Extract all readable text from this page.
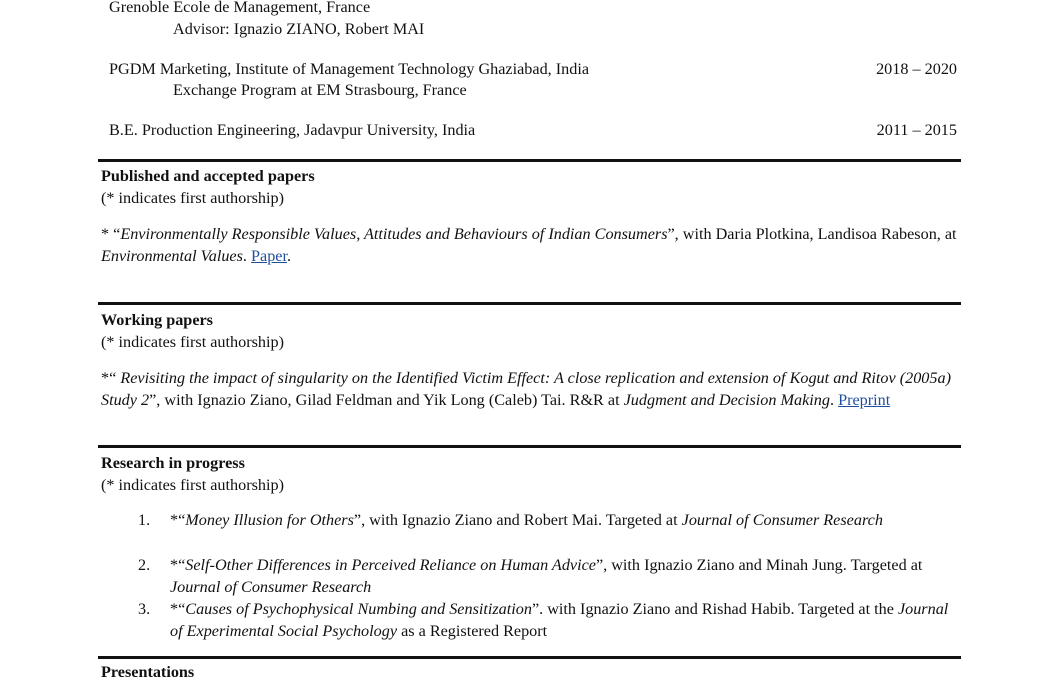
Grenoble Ecole de Management, France
Advisor: Ignazio ZIANO, Robert MAI
PGDM Marketing, Institute of Management Technology Ghaziabad, India	2018 – 2020
Exchange Program at EM Strasbourg, France
B.E. Production Engineering, Jadavpur University, India	2011 – 2015
Published and accepted papers
(* indicates first authorship)
* “Environmentally Responsible Values, Attitudes and Behaviours of Indian Consumers”, with Daria Plotkina, Landisoa Rabeson, at Environmental Values. Paper.
Working papers
(* indicates first authorship)
*“ Revisiting the impact of singularity on the Identified Victim Effect: A close replication and extension of Kogut and Ritov (2005a) Study 2”, with Ignazio Ziano, Gilad Feldman and Yik Long (Caleb) Tai. R&R at Judgment and Decision Making. Preprint
Research in progress
(* indicates first authorship)
1. *“Money Illusion for Others”, with Ignazio Ziano and Robert Mai. Targeted at Journal of Consumer Research
2. *“Self-Other Differences in Perceived Reliance on Human Advice”, with Ignazio Ziano and Minah Jung. Targeted at Journal of Consumer Research
3. *“Causes of Psychophysical Numbing and Sensitization”. with Ignazio Ziano and Rishad Habib. Targeted at the Journal of Experimental Social Psychology as a Registered Report
Presentations
